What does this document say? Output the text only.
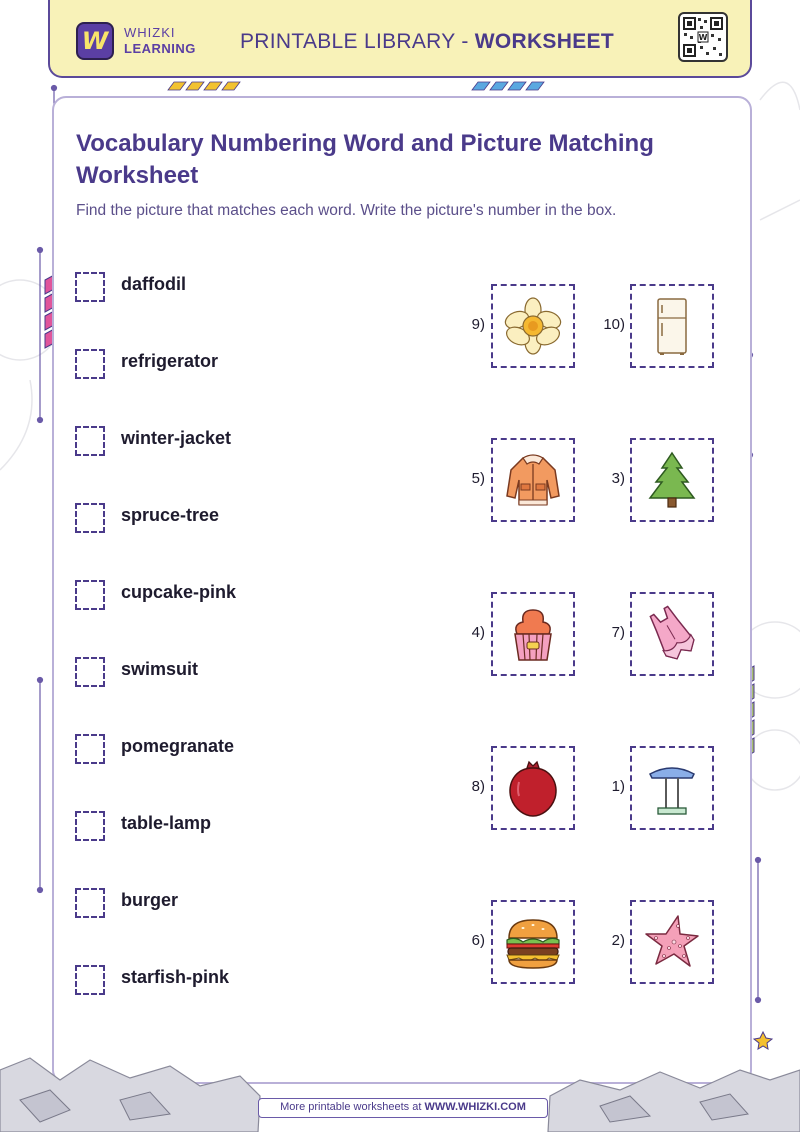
W WHIZKI
LEARNING PRINTABLE LIBRARY - WORKSHEET	W
Vocabulary Numbering Word and Picture Matching Worksheet
Find the picture that matches each word. Write the picture's number in the box.
daffodil
refrigerator
winter-jacket
spruce-tree
cupcake-pink
swimsuit
pomegranate
table-lamp
burger
starfish-pink
9)	10)
5)	3)
4)	7)
8)	1)
6)	2)
More printable worksheets at WWW.WHIZKI.COM
